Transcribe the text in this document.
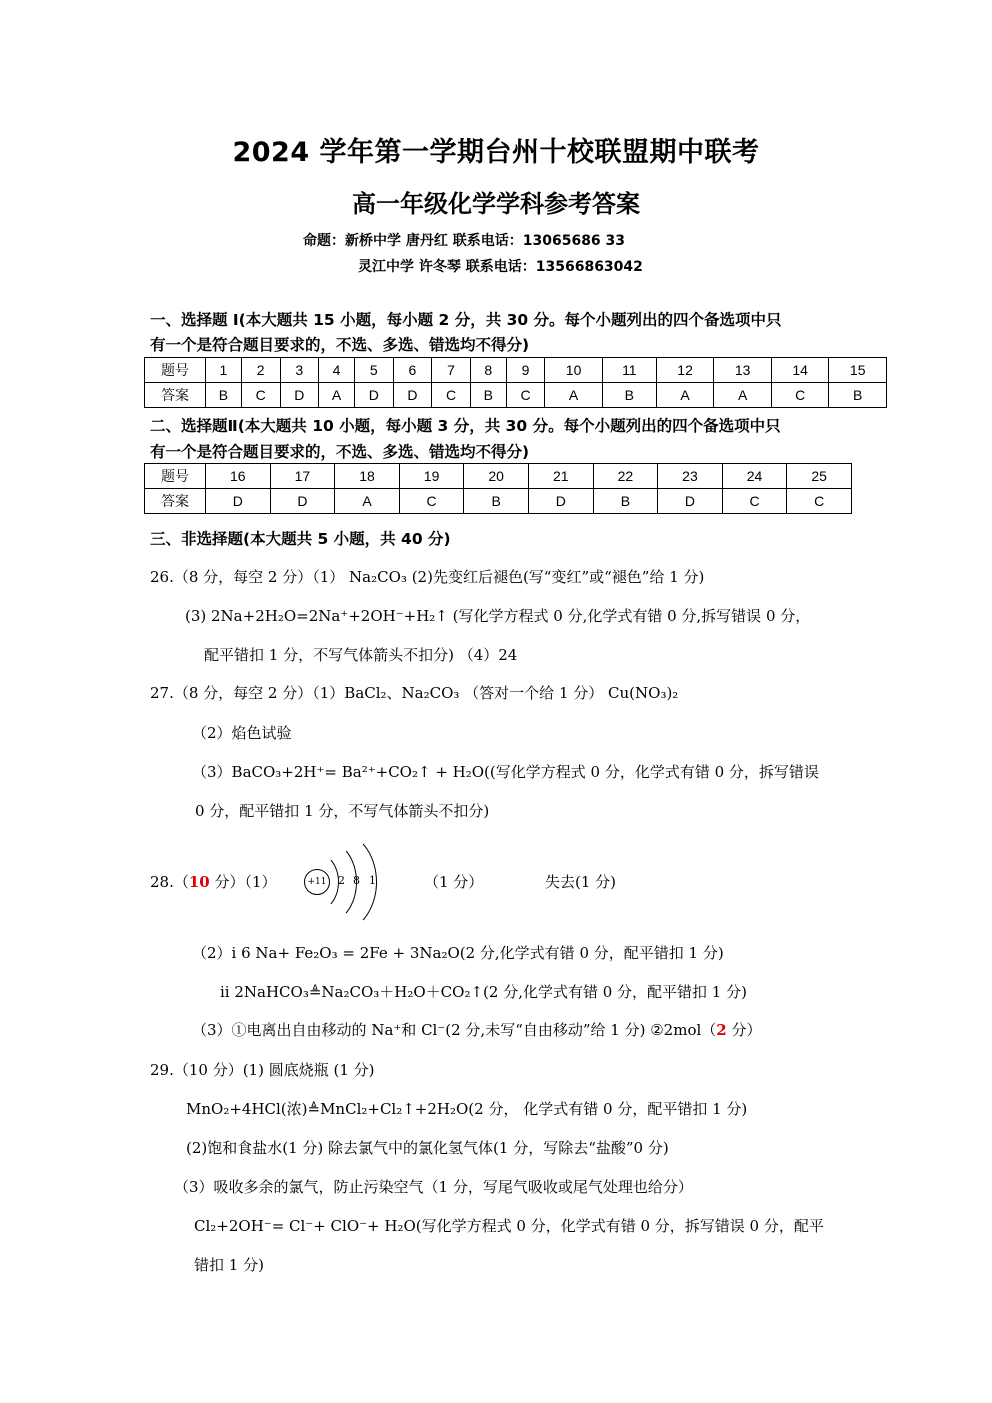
2024 学年第一学期台州十校联盟期中联考
高一年级化学学科参考答案
命题：新桥中学 唐丹红 联系电话：13065686 33
灵江中学 许冬琴 联系电话：13566863042
一、选择题 I(本大题共 15 小题，每小题 2 分，共 30 分。每个小题列出的四个备选项中只
有一个是符合题目要求的，不选、多选、错选均不得分)
题号	1	2	3	4	5	6	7	8	9	10	11	12	13	14	15
答案	B	C	D	A	D	D	C	B	C	A	B	A	A	C	B
二、选择题Ⅱ(本大题共 10 小题，每小题 3 分，共 30 分。每个小题列出的四个备选项中只
有一个是符合题目要求的，不选、多选、错选均不得分)
题号	16	17	18	19	20	21	22	23	24	25
答案	D	D	A	C	B	D	B	D	C	C
三、非选择题(本大题共 5 小题，共 40 分)
26.（8 分，每空 2 分）（1） Na₂CO₃ (2)先变红后褪色(写“变红”或“褪色”给 1 分)
(3) 2Na+2H₂O=2Na⁺+2OH⁻+H₂↑ (写化学方程式 0 分,化学式有错 0 分,拆写错误 0 分，
配平错扣 1 分，不写气体箭头不扣分) （4）24
27.（8 分，每空 2 分）（1）BaCl₂、Na₂CO₃ （答对一个给 1 分） Cu(NO₃)₂
（2）焰色试验
（3）BaCO₃+2H⁺= Ba²⁺+CO₂↑ + H₂O((写化学方程式 0 分，化学式有错 0 分，拆写错误
0 分，配平错扣 1 分，不写气体箭头不扣分)
28.（10 分）（1）	+11	2 8 1	（1 分）	失去(1 分)
（2）i 6 Na+ Fe₂O₃ = 2Fe + 3Na₂O(2 分,化学式有错 0 分，配平错扣 1 分)
ii 2NaHCO₃≜Na₂CO₃＋H₂O＋CO₂↑(2 分,化学式有错 0 分，配平错扣 1 分)
（3）①电离出自由移动的 Na⁺和 Cl⁻(2 分,未写“自由移动”给 1 分) ②2mol（2 分）
29.（10 分）(1) 圆底烧瓶 (1 分)
MnO₂+4HCl(浓)≜MnCl₂+Cl₂↑+2H₂O(2 分， 化学式有错 0 分，配平错扣 1 分)
(2)饱和食盐水(1 分) 除去氯气中的氯化氢气体(1 分，写除去“盐酸”0 分)
（3）吸收多余的氯气，防止污染空气（1 分，写尾气吸收或尾气处理也给分）
Cl₂+2OH⁻= Cl⁻+ ClO⁻+ H₂O(写化学方程式 0 分，化学式有错 0 分，拆写错误 0 分，配平
错扣 1 分)
